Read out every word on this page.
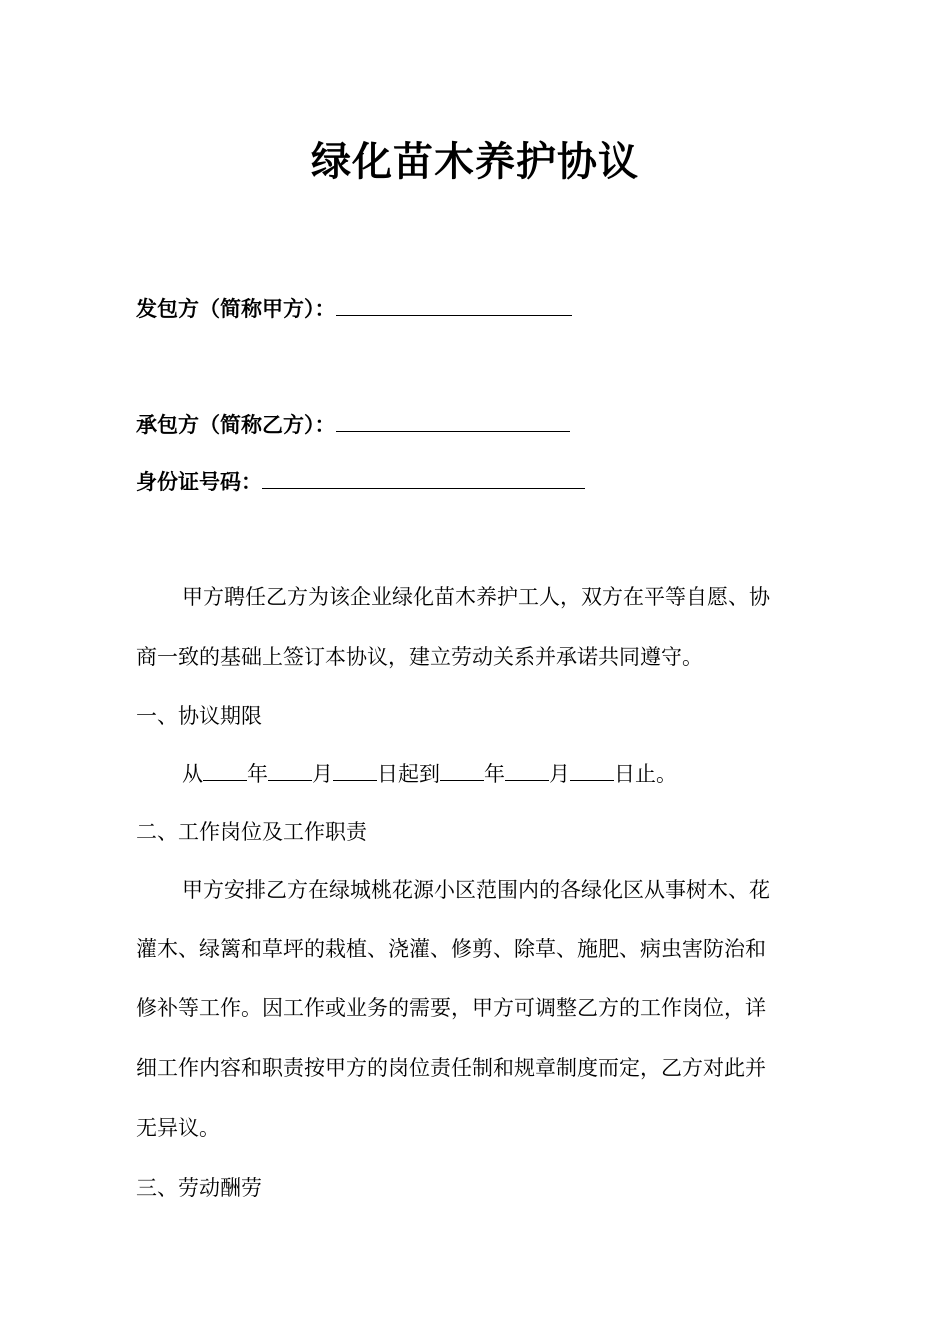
绿化苗木养护协议
发包方（简称甲方）：
承包方（简称乙方）：
身份证号码：
甲方聘任乙方为该企业绿化苗木养护工人，双方在平等自愿、协
商一致的基础上签订本协议，建立劳动关系并承诺共同遵守。
一、协议期限
从 年 月 日起到 年 月 日止。
二、工作岗位及工作职责
甲方安排乙方在绿城桃花源小区范围内的各绿化区从事树木、花
灌木、绿篱和草坪的栽植、浇灌、修剪、除草、施肥、病虫害防治和
修补等工作。因工作或业务的需要，甲方可调整乙方的工作岗位，详
细工作内容和职责按甲方的岗位责任制和规章制度而定，乙方对此并
无异议。
三、劳动酬劳
